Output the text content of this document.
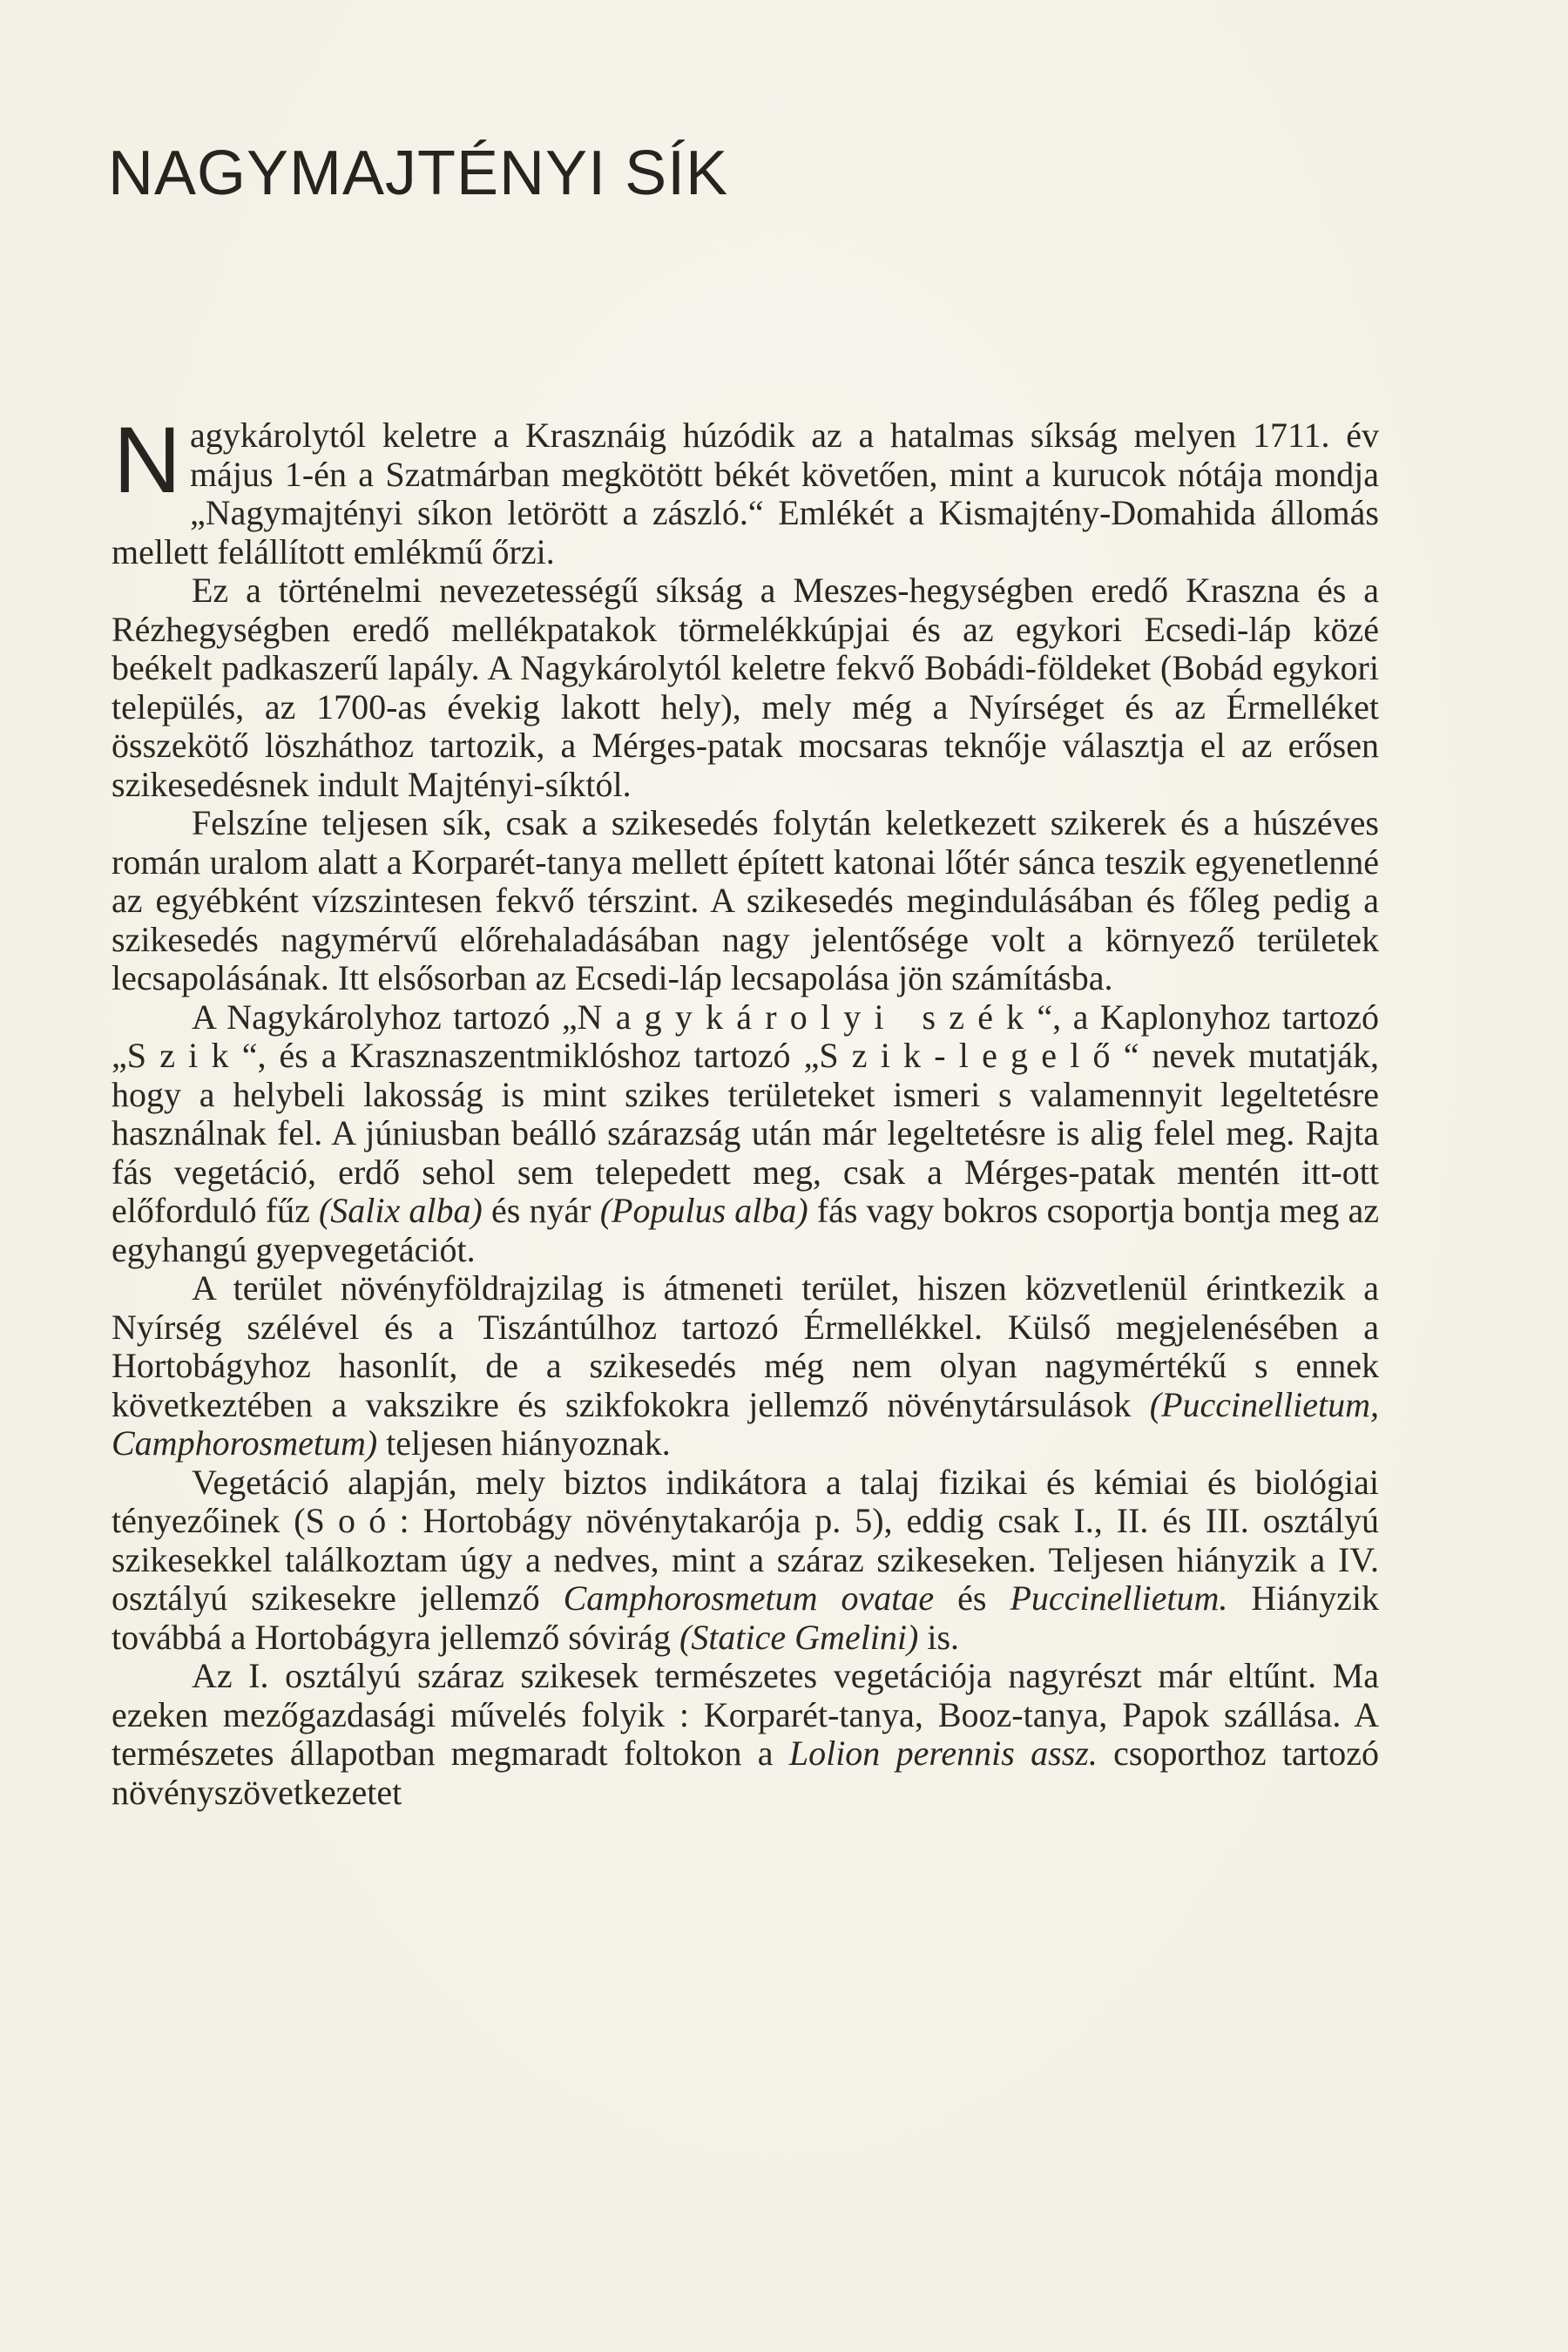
NAGYMAJTÉNYI SÍK

Nagykárolytól keletre a Krasznáig húzódik az a hatalmas síkság melyen 1711. év május 1-én a Szatmárban megkötött békét követően, mint a kurucok nótája mondja „Nagymajtényi síkon letörött a zászló.“ Emlékét a Kismajtény-Domahida állomás mellett felállított emlékmű őrzi.

Ez a történelmi nevezetességű síkság a Meszes-hegységben eredő Kraszna és a Rézhegységben eredő mellékpatakok törmelékkúpjai és az egykori Ecsedi-láp közé beékelt padkaszerű lapály. A Nagykárolytól keletre fekvő Bobádi-földeket (Bobád egykori település, az 1700-as évekig lakott hely), mely még a Nyírséget és az Érmelléket összekötő löszháthoz tartozik, a Mérges-patak mocsaras teknője választja el az erősen szikesedésnek indult Majtényi-síktól.

Felszíne teljesen sík, csak a szikesedés folytán keletkezett szikerek és a húszéves román uralom alatt a Korparét-tanya mellett épített katonai lőtér sánca teszik egyenetlenné az egyébként vízszintesen fekvő térszint. A szikesedés megindulásában és főleg pedig a szikesedés nagymérvű előrehaladásában nagy jelentősége volt a környező területek lecsapolásának. Itt elsősorban az Ecsedi-láp lecsapolása jön számításba.

A Nagykárolyhoz tartozó „Nagykárolyi szék“, a Kaplonyhoz tartozó „Szik“, és a Krasznaszentmiklóshoz tartozó „Szik-legelő“ nevek mutatják, hogy a helybeli lakosság is mint szikes területeket ismeri s valamennyit legeltetésre használnak fel. A júniusban beálló szárazság után már legeltetésre is alig felel meg. Rajta fás vegetáció, erdő sehol sem telepedett meg, csak a Mérges-patak mentén itt-ott előforduló fűz (Salix alba) és nyár (Populus alba) fás vagy bokros csoportja bontja meg az egyhangú gyepvegetációt.

A terület növényföldrajzilag is átmeneti terület, hiszen közvetlenül érintkezik a Nyírség szélével és a Tiszántúlhoz tartozó Érmellékkel. Külső megjelenésében a Hortobágyhoz hasonlít, de a szikesedés még nem olyan nagymértékű s ennek következtében a vakszikre és szikfokokra jellemző növénytársulások (Puccinellietum, Camphorosmetum) teljesen hiányoznak.

Vegetáció alapján, mely biztos indikátora a talaj fizikai és kémiai és biológiai tényezőinek (Soó: Hortobágy növénytakarója p. 5), eddig csak I., II. és III. osztályú szikesekkel találkoztam úgy a nedves, mint a száraz szikeseken. Teljesen hiányzik a IV. osztályú szikesekre jellemző Camphorosmetum ovatae és Puccinellietum. Hiányzik továbbá a Hortobágyra jellemző sóvirág (Statice Gmelini) is.

Az I. osztályú száraz szikesek természetes vegetációja nagyrészt már eltűnt. Ma ezeken mezőgazdasági művelés folyik : Korparét-tanya, Booz-tanya, Papok szállása. A természetes állapotban megmaradt foltokon a Lolion perennis assz. csoporthoz tartozó növényszövetkezetet
